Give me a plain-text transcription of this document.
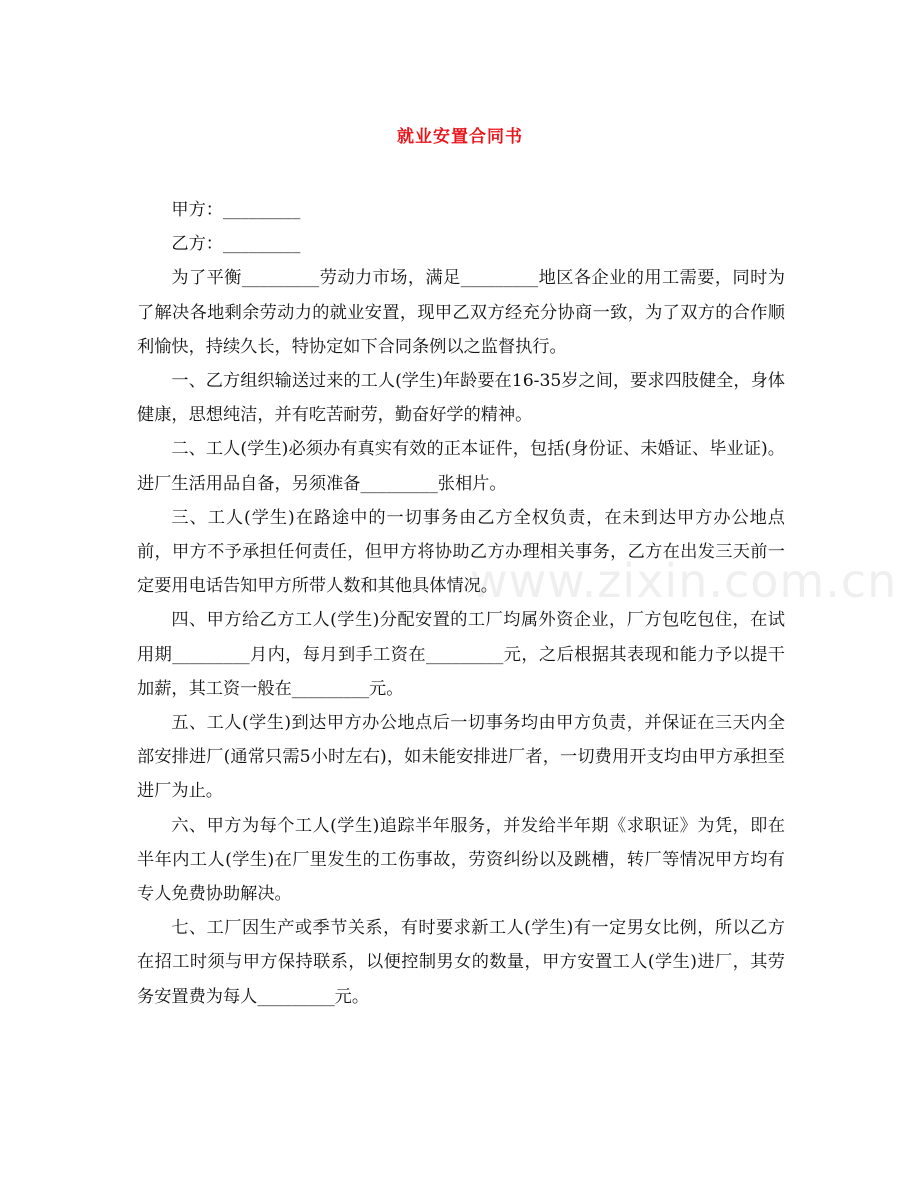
就业安置合同书

甲方：_________

乙方：_________

为了平衡_________劳动力市场，满足_________地区各企业的用工需要，同时为了解决各地剩余劳动力的就业安置，现甲乙双方经充分协商一致，为了双方的合作顺利愉快，持续久长，特协定如下合同条例以之监督执行。

一、乙方组织输送过来的工人(学生)年龄要在16-35岁之间，要求四肢健全，身体健康，思想纯洁，并有吃苦耐劳，勤奋好学的精神。

二、工人(学生)必须办有真实有效的正本证件，包括(身份证、未婚证、毕业证)。进厂生活用品自备，另须准备_________张相片。

三、工人(学生)在路途中的一切事务由乙方全权负责，在未到达甲方办公地点前，甲方不予承担任何责任，但甲方将协助乙方办理相关事务，乙方在出发三天前一定要用电话告知甲方所带人数和其他具体情况。

四、甲方给乙方工人(学生)分配安置的工厂均属外资企业，厂方包吃包住，在试用期_________月内，每月到手工资在_________元，之后根据其表现和能力予以提干加薪，其工资一般在_________元。

五、工人(学生)到达甲方办公地点后一切事务均由甲方负责，并保证在三天内全部安排进厂(通常只需5小时左右)，如未能安排进厂者，一切费用开支均由甲方承担至进厂为止。

六、甲方为每个工人(学生)追踪半年服务，并发给半年期《求职证》为凭，即在半年内工人(学生)在厂里发生的工伤事故，劳资纠纷以及跳槽，转厂等情况甲方均有专人免费协助解决。

七、工厂因生产或季节关系，有时要求新工人(学生)有一定男女比例，所以乙方在招工时须与甲方保持联系，以便控制男女的数量，甲方安置工人(学生)进厂，其劳务安置费为每人_________元。

www.zixin.com.cn
